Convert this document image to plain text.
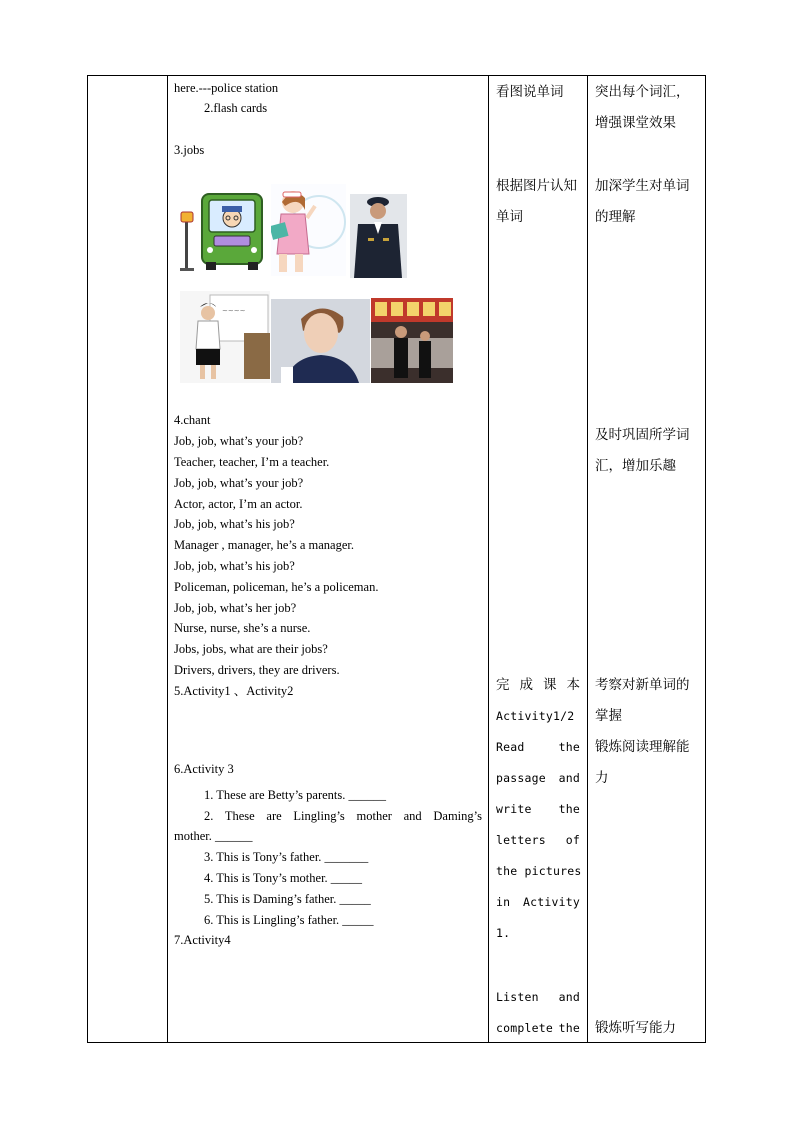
here.---police station
2.flash cards
3.jobs
~~~~
4.chant
Job, job, what’s your job?
Teacher, teacher, I’m a teacher.
Job, job, what’s your job?
Actor, actor, I’m an actor.
Job, job, what’s his job?
Manager , manager, he’s a manager.
Job, job, what’s his job?
Policeman, policeman, he’s a policeman.
Job, job, what’s her job?
Nurse, nurse, she’s a nurse.
Jobs, jobs, what are their jobs?
Drivers, drivers, they are drivers.
5.Activity1 、Activity2
6.Activity 3
1. These are Betty’s parents. ______
2. These are Lingling’s mother and Daming’s
mother. ______
3. This is Tony’s father. _______
4. This is Tony’s mother. _____
5. This is Daming’s father. _____
6. This is Lingling’s father. _____
7.Activity4
看图说单词
根据图片认知
单词
完 成 课 本
Activity1/2
Read	the
passage and
write the
letters of
the pictures
in Activity
1.
Listen and
complete the
突出每个词汇，
增强课堂效果
加深学生对单词
的理解
及时巩固所学词
汇，增加乐趣
考察对新单词的
掌握
锻炼阅读理解能
力
锻炼听写能力
